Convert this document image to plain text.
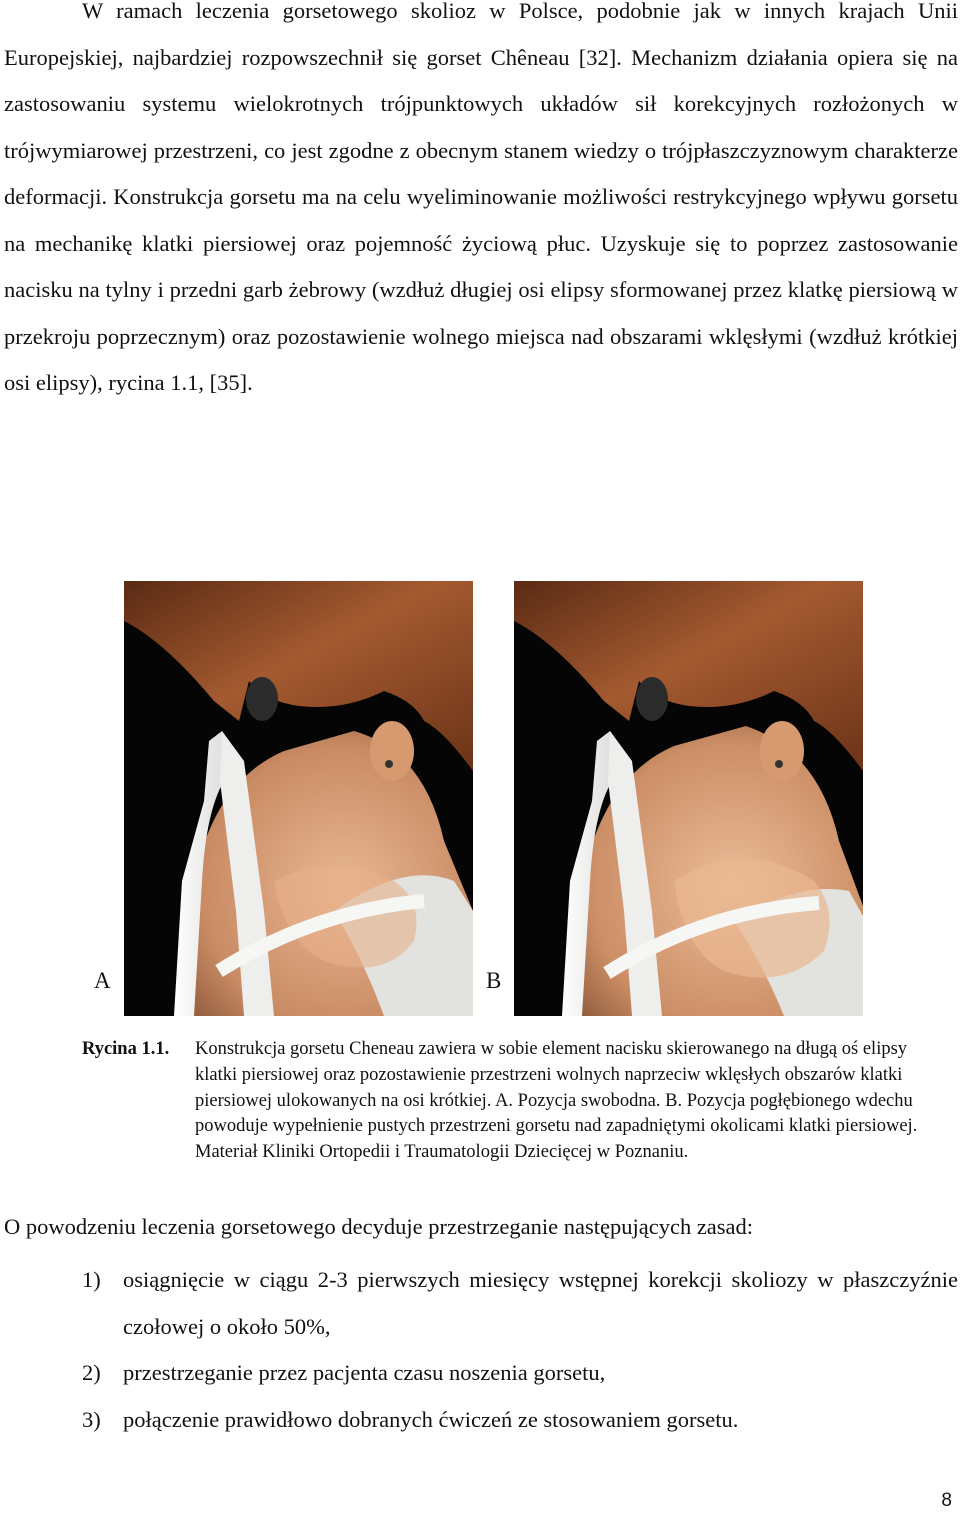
W ramach leczenia gorsetowego skolioz w Polsce, podobnie jak w innych krajach Unii Europejskiej, najbardziej rozpowszechnił się gorset Chêneau [32]. Mechanizm działania opiera się na zastosowaniu systemu wielokrotnych trójpunktowych układów sił korekcyjnych rozłożonych w trójwymiarowej przestrzeni, co jest zgodne z obecnym stanem wiedzy o trójpłaszczyznowym charakterze deformacji. Konstrukcja gorsetu ma na celu wyeliminowanie możliwości restrykcyjnego wpływu gorsetu na mechanikę klatki piersiowej oraz pojemność życiową płuc. Uzyskuje się to poprzez zastosowanie nacisku na tylny i przedni garb żebrowy (wzdłuż długiej osi elipsy sformowanej przez klatkę piersiową w przekroju poprzecznym) oraz pozostawienie wolnego miejsca nad obszarami wklęsłymi (wzdłuż krótkiej osi elipsy), rycina 1.1, [35].

A	B
Rycina 1.1. Konstrukcja gorsetu Cheneau zawiera w sobie element nacisku skierowanego na długą oś elipsy klatki piersiowej oraz pozostawienie przestrzeni wolnych naprzeciw wklęsłych obszarów klatki piersiowej ulokowanych na osi krótkiej. A. Pozycja swobodna. B. Pozycja pogłębionego wdechu powoduje wypełnienie pustych przestrzeni gorsetu nad zapadniętymi okolicami klatki piersiowej. Materiał Kliniki Ortopedii i Traumatologii Dziecięcej w Poznaniu.

O powodzeniu leczenia gorsetowego decyduje przestrzeganie następujących zasad:

1) osiągnięcie w ciągu 2-3 pierwszych miesięcy wstępnej korekcji skoliozy w płaszczyźnie czołowej o około 50%,
2) przestrzeganie przez pacjenta czasu noszenia gorsetu,
3) połączenie prawidłowo dobranych ćwiczeń ze stosowaniem gorsetu.
8
